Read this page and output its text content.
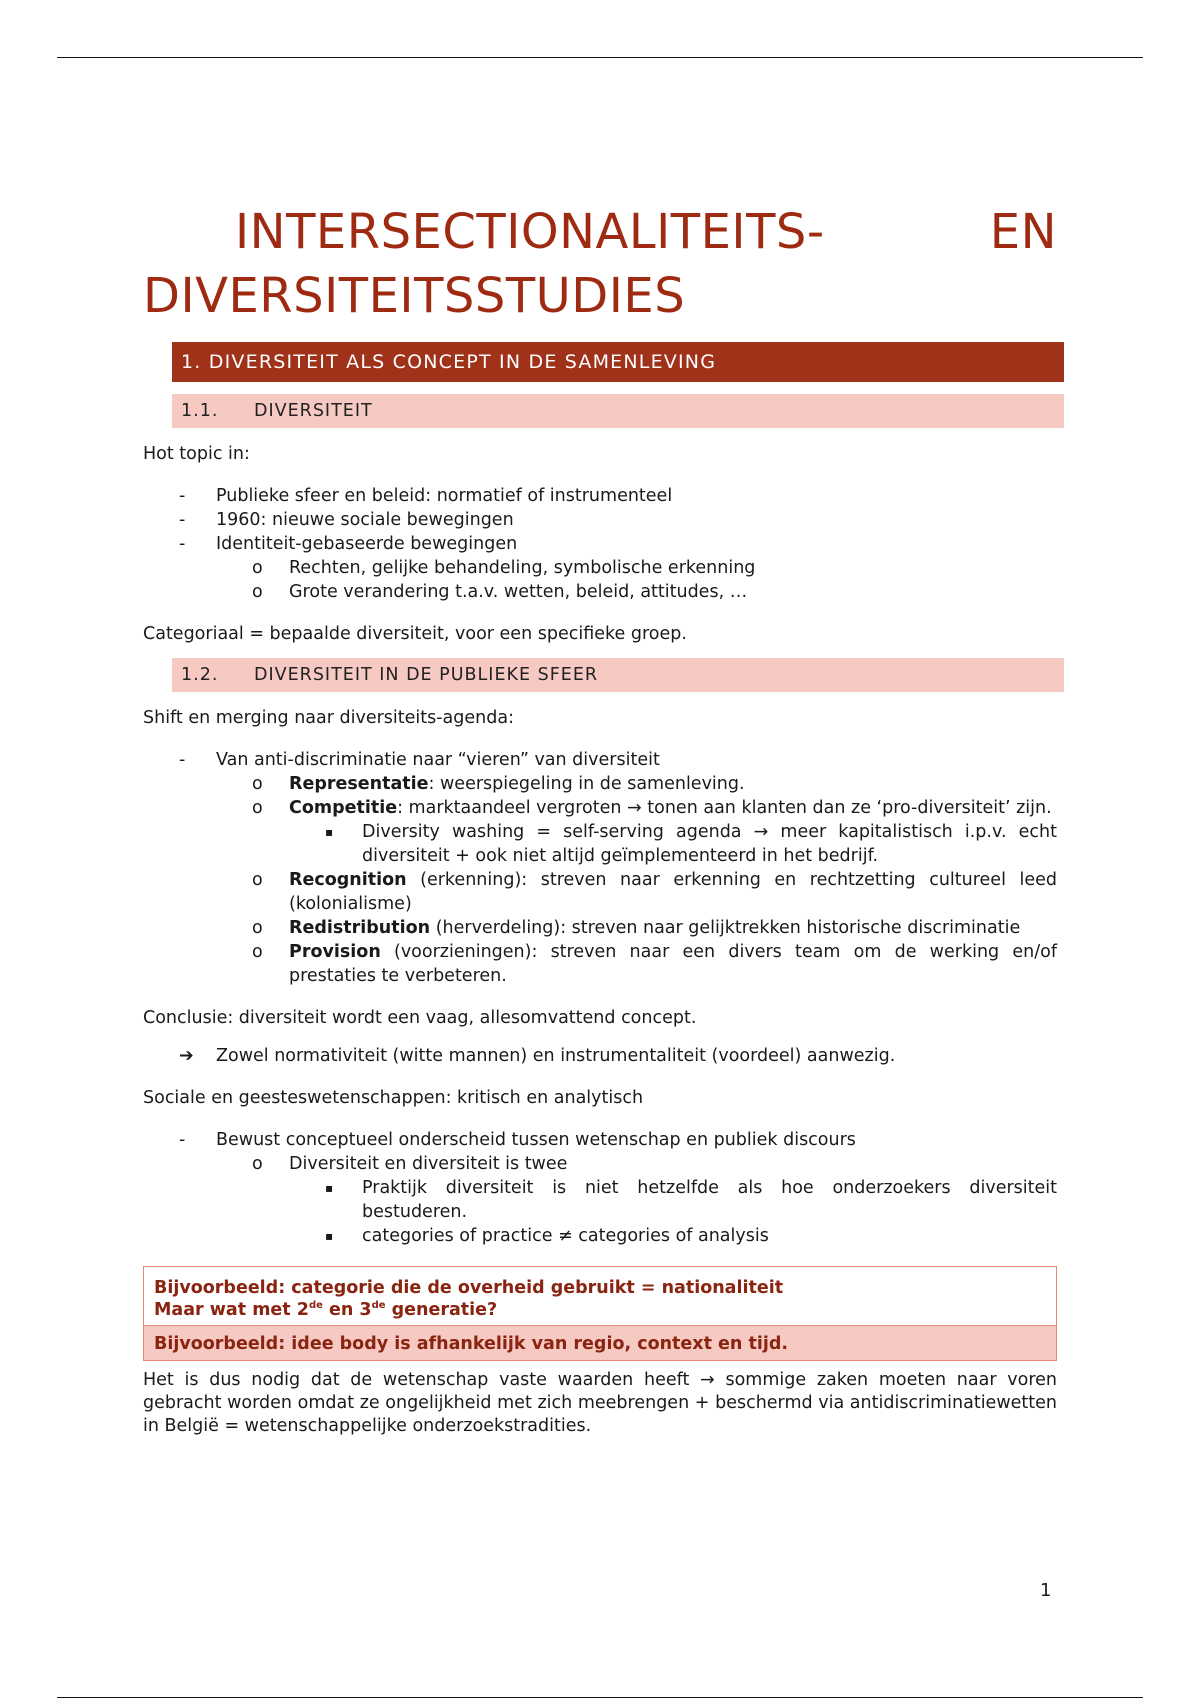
INTERSECTIONALITEITS-	EN
DIVERSITEITSSTUDIES
1.
DIVERSITEIT ALS CONCEPT IN DE SAMENLEVING
1.1.	DIVERSITEIT

Hot topic in:

- Publieke sfeer en beleid: normatief of instrumenteel
- 1960: nieuwe sociale bewegingen
- Identiteit-gebaseerde bewegingen
o Rechten, gelijke behandeling, symbolische erkenning
o Grote verandering t.a.v. wetten, beleid, attitudes, …

Categoriaal = bepaalde diversiteit, voor een specifieke groep.

1.2.	DIVERSITEIT IN DE PUBLIEKE SFEER

Shift en merging naar diversiteits-agenda:

- Van anti-discriminatie naar “vieren” van diversiteit
o Representatie: weerspiegeling in de samenleving.
o Competitie: marktaandeel vergroten → tonen aan klanten dan ze ‘pro-diversiteit’ zijn.
▪ Diversity washing = self-serving agenda → meer kapitalistisch i.p.v. echt diversiteit + ook niet altijd geïmplementeerd in het bedrijf.
o Recognition (erkenning): streven naar erkenning en rechtzetting cultureel leed (kolonialisme)
o Redistribution (herverdeling): streven naar gelijktrekken historische discriminatie
o Provision (voorzieningen): streven naar een divers team om de werking en/of prestaties te verbeteren.

Conclusie: diversiteit wordt een vaag, allesomvattend concept.

➔ Zowel normativiteit (witte mannen) en instrumentaliteit (voordeel) aanwezig.

Sociale en geesteswetenschappen: kritisch en analytisch

- Bewust conceptueel onderscheid tussen wetenschap en publiek discours
o Diversiteit en diversiteit is twee
▪ Praktijk diversiteit is niet hetzelfde als hoe onderzoekers diversiteit bestuderen.
▪ categories of practice ≠ categories of analysis
Bijvoorbeeld: categorie die de overheid gebruikt = nationaliteit
Maar wat met 2de en 3de generatie?
Bijvoorbeeld: idee body is afhankelijk van regio, context en tijd.

Het is dus nodig dat de wetenschap vaste waarden heeft → sommige zaken moeten naar voren gebracht worden omdat ze ongelijkheid met zich meebrengen + beschermd via antidiscriminatiewetten in België = wetenschappelijke onderzoekstradities.

1
